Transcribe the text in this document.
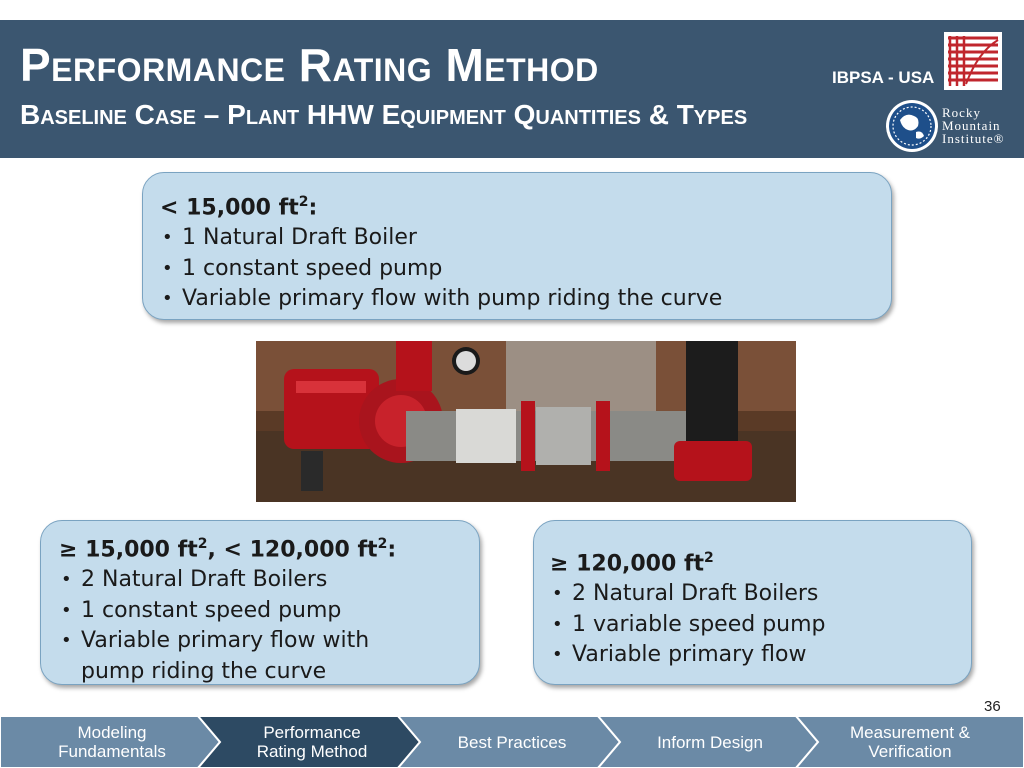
Performance Rating Method
Baseline Case – Plant HHW Equipment Quantities & Types
IBPSA - USA
Rocky
Mountain
Institute®
< 15,000 $ft^2$:
• 1 Natural Draft Boiler
• 1 constant speed pump
• Variable primary flow with pump riding the curve
≥ 15,000 $ft^2$, < 120,000 $ft^2$:
• 2 Natural Draft Boilers
• 1 constant speed pump
• Variable primary flow with pump riding the curve
≥ 120,000 $ft^2$
• 2 Natural Draft Boilers
• 1 variable speed pump
• Variable primary flow
36
Modeling
Fundamentals
Performance
Rating Method	Best Practices	Inform Design	Measurement &
Verification
